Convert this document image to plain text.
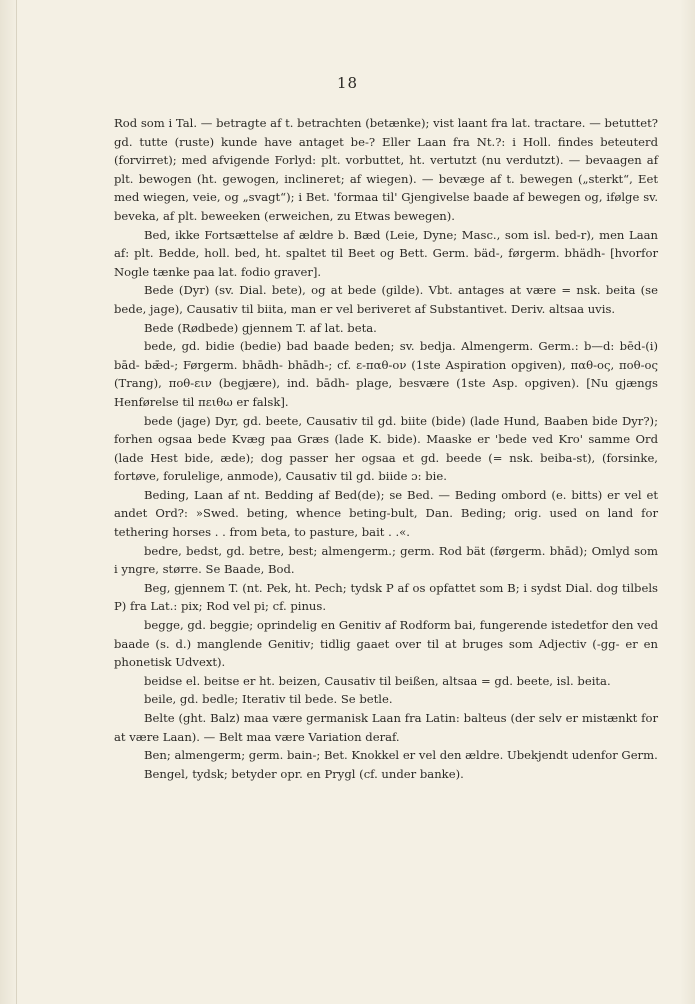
18

Rod som i Tal. — betragte af t. betrachten (betænke); vist laant fra lat. tractare. — betuttet? gd. tutte (ruste) kunde have antaget be-? Eller Laan fra Nt.?: i Holl. findes beteuterd (forvirret); med afvigende Forlyd: plt. vorbuttet, ht. vertutzt (nu verdutzt). — bevaagen af plt. bewogen (ht. gewogen, inclineret; af wiegen). — bevæge af t. bewegen („sterkt“, Eet med wiegen, veie, og „svagt“); i Bet. 'formaa til' Gjengivelse baade af bewegen og, ifølge sv. beveka, af plt. beweeken (erweichen, zu Etwas bewegen).

Bed, ikke Fortsættelse af ældre b. Bæd (Leie, Dyne; Masc., som isl. bed-r), men Laan af: plt. Bedde, holl. bed, ht. spaltet til Beet og Bett. Germ. bäd-, førgerm. bhädh- [hvorfor Nogle tænke paa lat. fodio graver].

Bede (Dyr) (sv. Dial. bete), og at bede (gilde). Vbt. antages at være = nsk. beita (se bede, jage), Causativ til biita, man er vel beriveret af Substantivet. Deriv. altsaa uvis.

Bede (Rødbede) gjennem T. af lat. beta.

bede, gd. bidie (bedie) bad baade beden; sv. bedja. Almengerm. Germ.: b—d: bēd-(i) bād- bǣd-; Førgerm. bhādh- bhādh-; cf. ε-παθ-ον (1ste Aspiration opgiven), παθ-ος, ποθ-ος (Trang), ποθ-ειν (begjære), ind. bādh- plage, besvære (1ste Asp. opgiven). [Nu gjængs Henførelse til πειθω er falsk].

bede (jage) Dyr, gd. beete, Causativ til gd. biite (bide) (lade Hund, Baaben bide Dyr?); forhen ogsaa bede Kvæg paa Græs (lade K. bide). Maaske er 'bede ved Kro' samme Ord (lade Hest bide, æde); dog passer her ogsaa et gd. beede (= nsk. beiba-st), (forsinke, fortøve, forulelige, anmode), Causativ til gd. biide ɔ: bie.

Beding, Laan af nt. Bedding af Bed(de); se Bed. — Beding ombord (e. bitts) er vel et andet Ord?: »Swed. beting, whence beting-bult, Dan. Beding; orig. used on land for tethering horses . . from beta, to pasture, bait . .«.

bedre, bedst, gd. betre, best; almengerm.; germ. Rod bät (førgerm. bhād); Omlyd som i yngre, større. Se Baade, Bod.

Beg, gjennem T. (nt. Pek, ht. Pech; tydsk P af os opfattet som B; i sydst Dial. dog tilbels P) fra Lat.: pix; Rod vel pi; cf. pinus.

begge, gd. beggie; oprindelig en Genitiv af Rodform bai, fungerende istedetfor den ved baade (s. d.) manglende Genitiv; tidlig gaaet over til at bruges som Adjectiv (-gg- er en phonetisk Udvext).

beidse el. beitse er ht. beizen, Causativ til beißen, altsaa = gd. beete, isl. beita.

beile, gd. bedle; Iterativ til bede. Se betle.

Belte (ght. Balz) maa være germanisk Laan fra Latin: balteus (der selv er mistænkt for at være Laan). — Belt maa være Variation deraf.

Ben; almengerm; germ. bain-; Bet. Knokkel er vel den ældre. Ubekjendt udenfor Germ.

Bengel, tydsk; betyder opr. en Prygl (cf. under banke).
